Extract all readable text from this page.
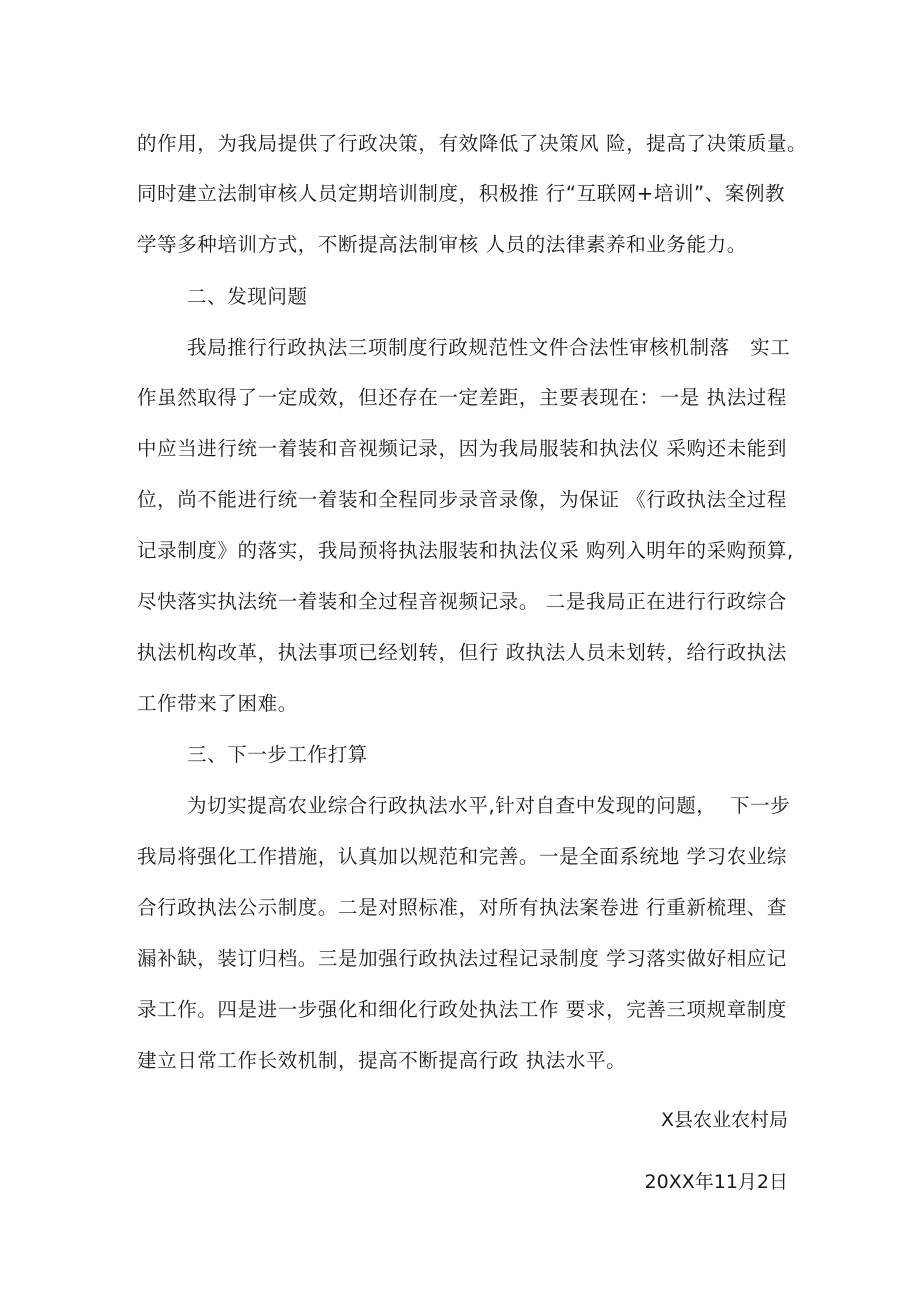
的作用，为我局提供了行政决策，有效降低了决策风 险，提高了决策质量。
同时建立法制审核人员定期培训制度，积极推 行“互联网+培训”、案例教
学等多种培训方式，不断提高法制审核 人员的法律素养和业务能力。
二、发现问题
我局推行行政执法三项制度行政规范性文件合法性审核机制落   实工
作虽然取得了一定成效，但还存在一定差距，主要表现在：一是 执法过程
中应当进行统一着装和音视频记录，因为我局服装和执法仪 采购还未能到
位，尚不能进行统一着装和全程同步录音录像，为保证 《行政执法全过程
记录制度》的落实，我局预将执法服装和执法仪采 购列入明年的采购预算,
尽快落实执法统一着装和全过程音视频记录。 二是我局正在进行行政综合
执法机构改革，执法事项已经划转，但行 政执法人员未划转，给行政执法
工作带来了困难。
三、下一步工作打算
为切实提高农业综合行政执法水平,针对自查中发现的问题，  下一步
我局将强化工作措施，认真加以规范和完善。一是全面系统地 学习农业综
合行政执法公示制度。二是对照标准，对所有执法案卷进 行重新梳理、查
漏补缺，装订归档。三是加强行政执法过程记录制度 学习落实做好相应记
录工作。四是进一步强化和细化行政处执法工作 要求，完善三项规章制度
建立日常工作长效机制，提高不断提高行政 执法水平。
X县农业农村局
20XX年11月2日
